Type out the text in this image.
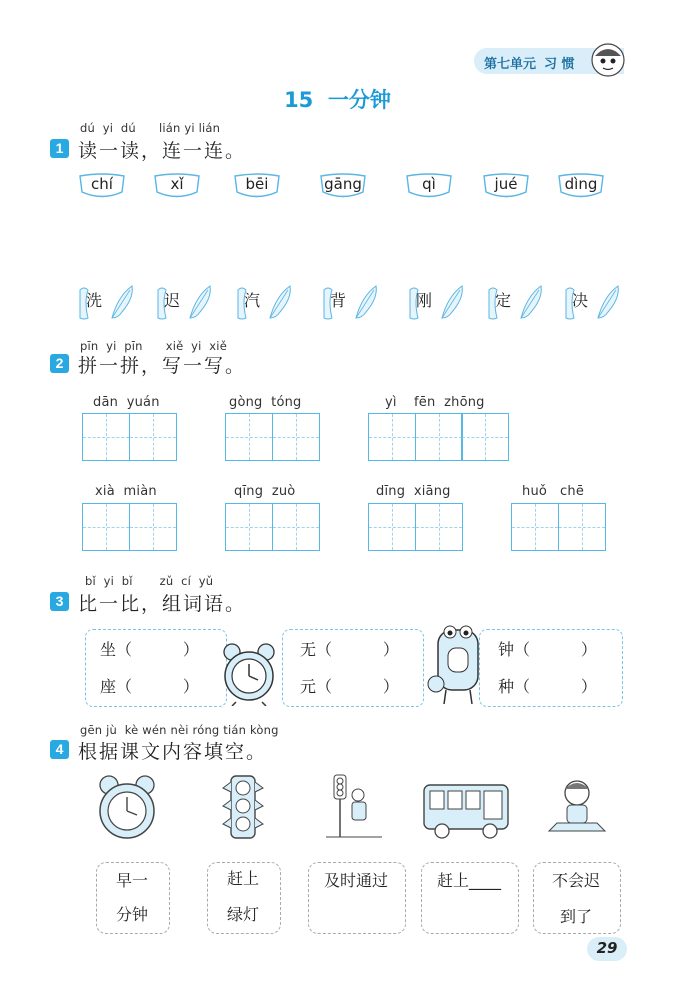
第七单元 习 惯
15  一分钟
dú yi dú lián yi lián
1 读一读，连一连。
chí	xǐ	bēi	gāng	qì	jué	dìng
洗	迟	汽	背	刚	定	决
pīn yi pīn xiě yi xiě
2 拼一拼，写一写。
dān  yuán	gòng  tóng	yì    fēn  zhōng
xià  miàn	qīng  zuò	dīng  xiāng	huǒ   chē
bǐ yi bǐ zǔ cí yǔ
3 比一比，组词语。
坐（          ）
座（          ）
无（          ）
元（          ）
钟（          ）
种（          ）
gēn jù  kè wén nèi róng tián kòng
4 根据课文内容填空。
早一
分钟
赶上
绿灯
及时通过	赶上____	不会迟
到了
29
